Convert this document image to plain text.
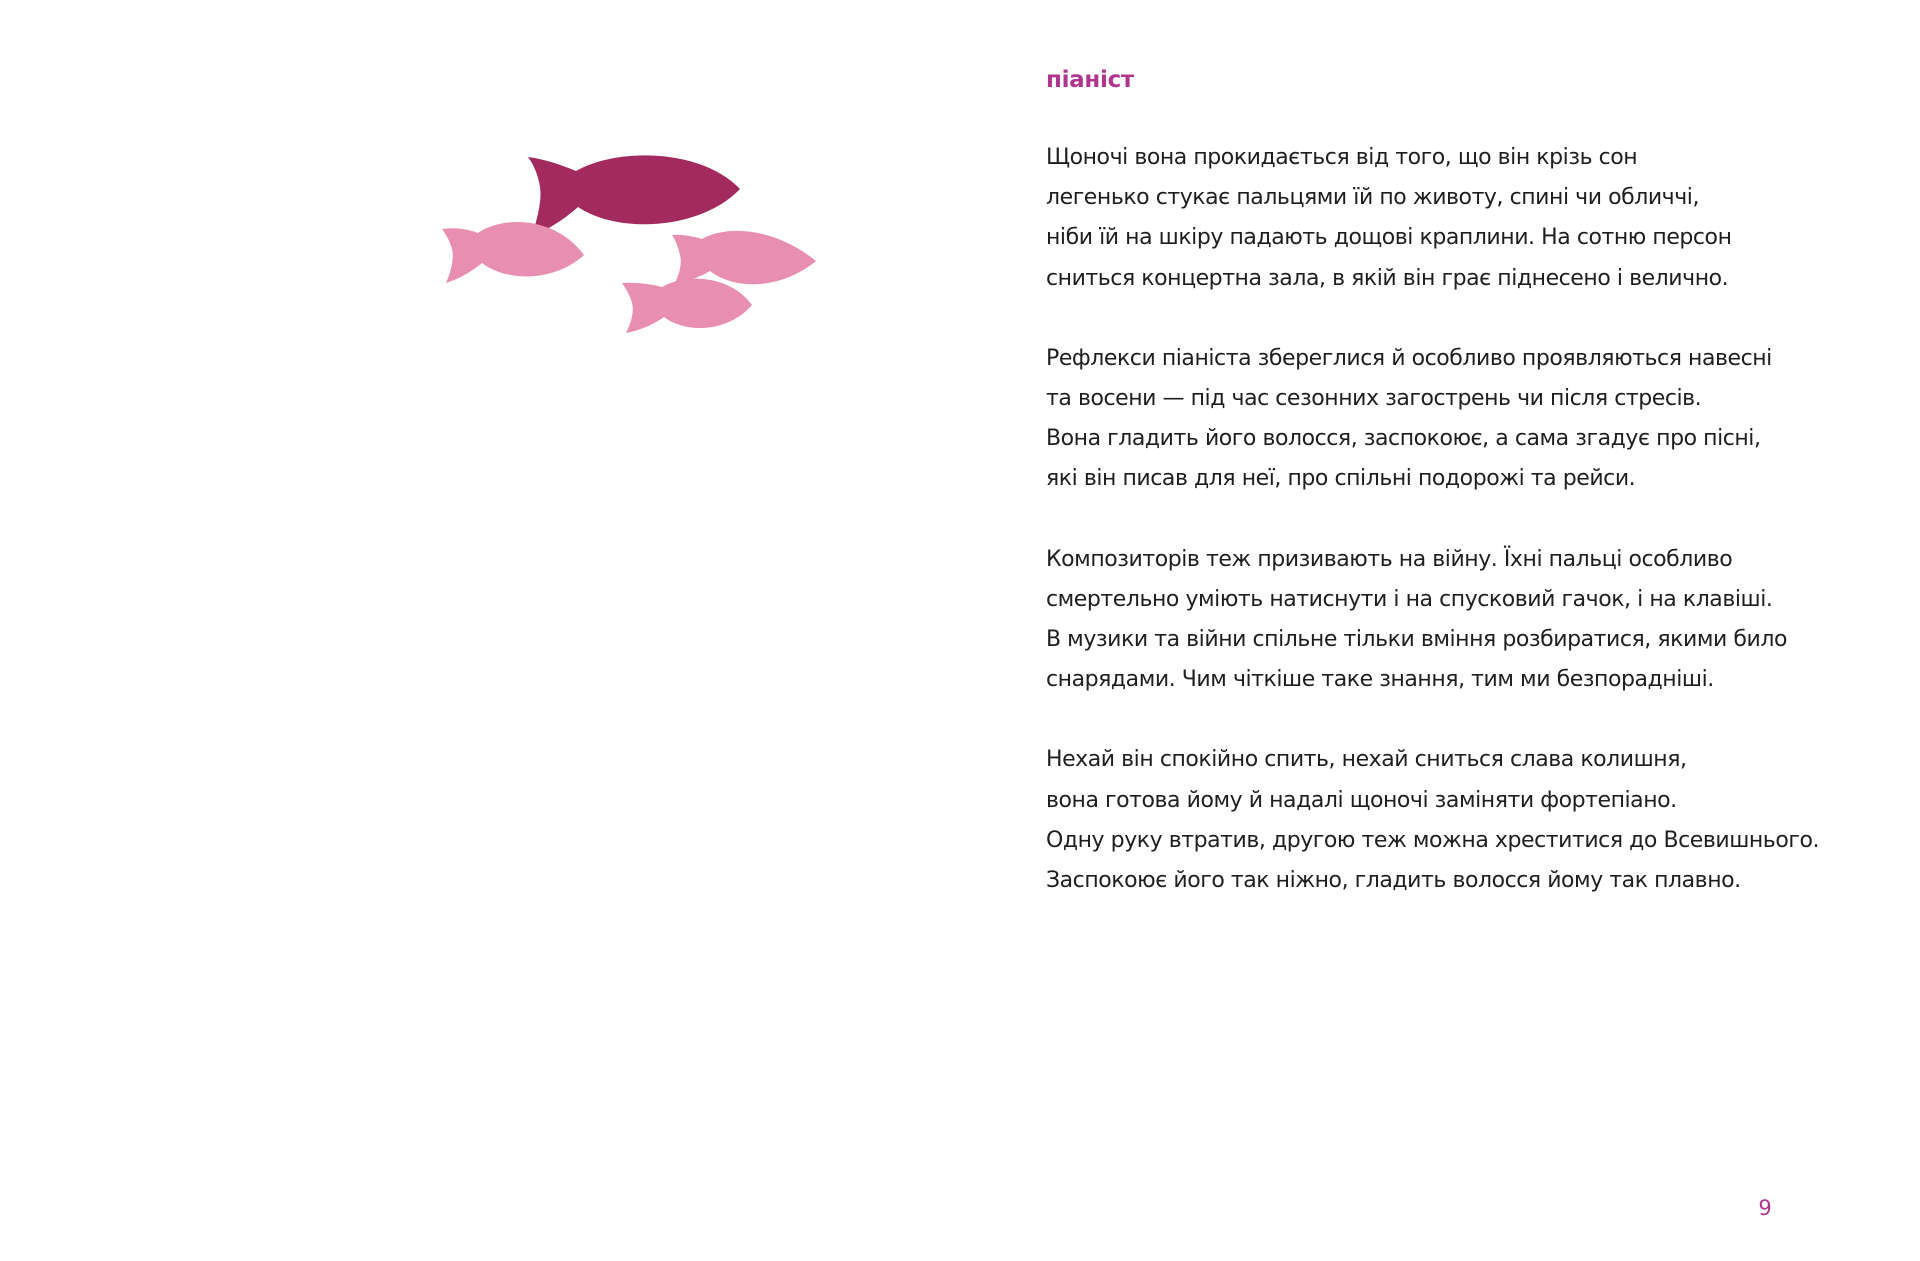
піаніст

Щоночі вона прокидається від того, що він крізь сон
легенько стукає пальцями їй по животу, спині чи обличчі,
ніби їй на шкіру падають дощові краплини. На сотню персон
сниться концертна зала, в якій він грає піднесено і велично.

Рефлекси піаніста збереглися й особливо проявляються навесні
та восени — під час сезонних загострень чи після стресів.
Вона гладить його волосся, заспокоює, а сама згадує про пісні,
які він писав для неї, про спільні подорожі та рейси.

Композиторів теж призивають на війну. Їхні пальці особливо
смертельно уміють натиснути і на спусковий гачок, і на клавіші.
В музики та війни спільне тільки вміння розбиратися, якими било
снарядами. Чим чіткіше таке знання, тим ми безпорадніші.

Нехай він спокійно спить, нехай сниться слава колишня,
вона готова йому й надалі щоночі заміняти фортепіано.
Одну руку втратив, другою теж можна хреститися до Всевишнього.
Заспокоює його так ніжно, гладить волосся йому так плавно.

9
